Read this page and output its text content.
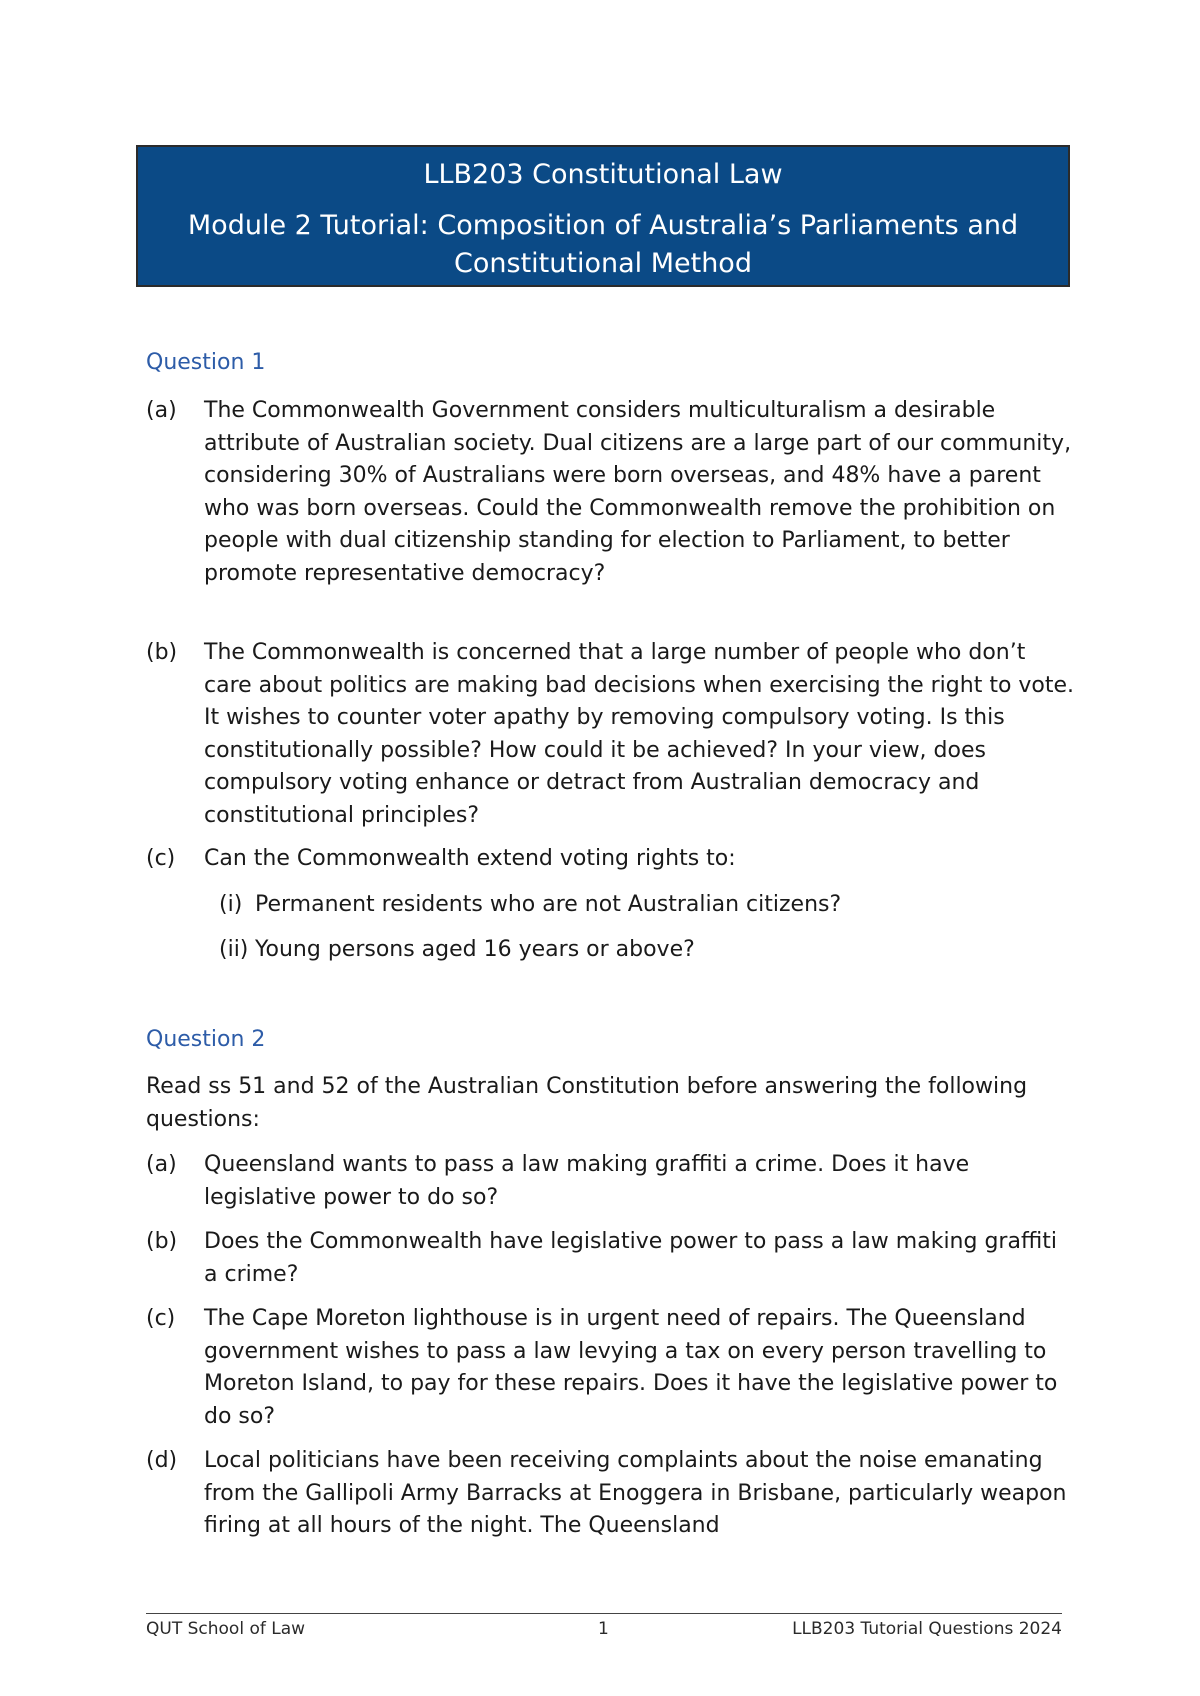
LLB203 Constitutional Law
Module 2 Tutorial: Composition of Australia’s Parliaments and Constitutional Method
Question 1
(a) The Commonwealth Government considers multiculturalism a desirable attribute of Australian society. Dual citizens are a large part of our community, considering 30% of Australians were born overseas, and 48% have a parent who was born overseas. Could the Commonwealth remove the prohibition on people with dual citizenship standing for election to Parliament, to better promote representative democracy?
(b) The Commonwealth is concerned that a large number of people who don’t care about politics are making bad decisions when exercising the right to vote. It wishes to counter voter apathy by removing compulsory voting. Is this constitutionally possible? How could it be achieved? In your view, does compulsory voting enhance or detract from Australian democracy and constitutional principles?
(c) Can the Commonwealth extend voting rights to:
(i) Permanent residents who are not Australian citizens?
(ii) Young persons aged 16 years or above?
Question 2
Read ss 51 and 52 of the Australian Constitution before answering the following questions:
(a) Queensland wants to pass a law making graffiti a crime. Does it have legislative power to do so?
(b) Does the Commonwealth have legislative power to pass a law making graffiti a crime?
(c) The Cape Moreton lighthouse is in urgent need of repairs. The Queensland government wishes to pass a law levying a tax on every person travelling to Moreton Island, to pay for these repairs. Does it have the legislative power to do so?
(d) Local politicians have been receiving complaints about the noise emanating from the Gallipoli Army Barracks at Enoggera in Brisbane, particularly weapon firing at all hours of the night. The Queensland
QUT School of Law	1	LLB203 Tutorial Questions 2024
